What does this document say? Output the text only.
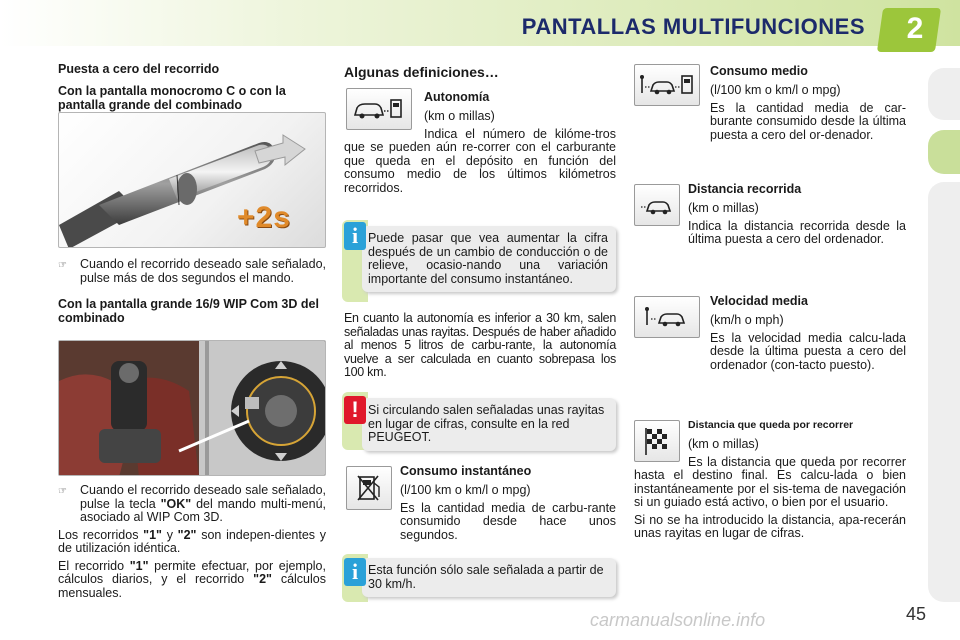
PANTALLAS MULTIFUNCIONES	2
Puesta a cero del recorrido
Con la pantalla monocromo C o con la pantalla grande del combinado
+2s
☞ Cuando el recorrido deseado sale señalado, pulse más de dos segundos el mando.
Con la pantalla grande 16/9 WIP Com 3D del combinado
☞ Cuando el recorrido deseado sale señalado, pulse la tecla "OK" del mando multi-menú, asociado al WIP Com 3D.

Los recorridos "1" y "2" son indepen-dientes y de utilización idéntica.

El recorrido "1" permite efectuar, por ejemplo, cálculos diarios, y el recorrido "2" cálculos mensuales.

Algunas definiciones…
Autonomía

(km o millas)

Indica el número de kilóme-tros que se pueden aún re-correr con el carburante que queda en el depósito en función del consumo medio de los últimos kilómetros recorridos.

Puede pasar que vea aumentar la cifra después de un cambio de conducción o de relieve, ocasio-nando una variación importante del consumo instantáneo.
i

En cuanto la autonomía es inferior a 30 km, salen señaladas unas rayitas. Después de haber añadido al menos 5 litros de carbu-rante, la autonomía vuelve a ser calculada en cuanto sobrepasa los 100 km.

Si circulando salen señaladas unas rayitas en lugar de cifras, consulte en la red PEUGEOT.
!
Consumo instantáneo

(l/100 km o km/l o mpg)

Es la cantidad media de carbu-rante consumido desde hace unos segundos.

Esta función sólo sale señalada a partir de 30 km/h.
i
Consumo medio

(l/100 km o km/l o mpg)

Es la cantidad media de car-burante consumido desde la última puesta a cero del or-denador.

Distancia recorrida

(km o millas)

Indica la distancia recorrida desde la última puesta a cero del ordenador.

Velocidad media

(km/h o mph)

Es la velocidad media calcu-lada desde la última puesta a cero del ordenador (con-tacto puesto).

Distancia que queda por recorrer

(km o millas)

Es la distancia que queda por recorrer hasta el destino final. Es calcu-lada o bien instantáneamente por el sis-tema de navegación si un guiado está activo, o bien por el usuario.

Si no se ha introducido la distancia, apa-recerán unas rayitas en lugar de cifras.

carmanualsonline.info	45
